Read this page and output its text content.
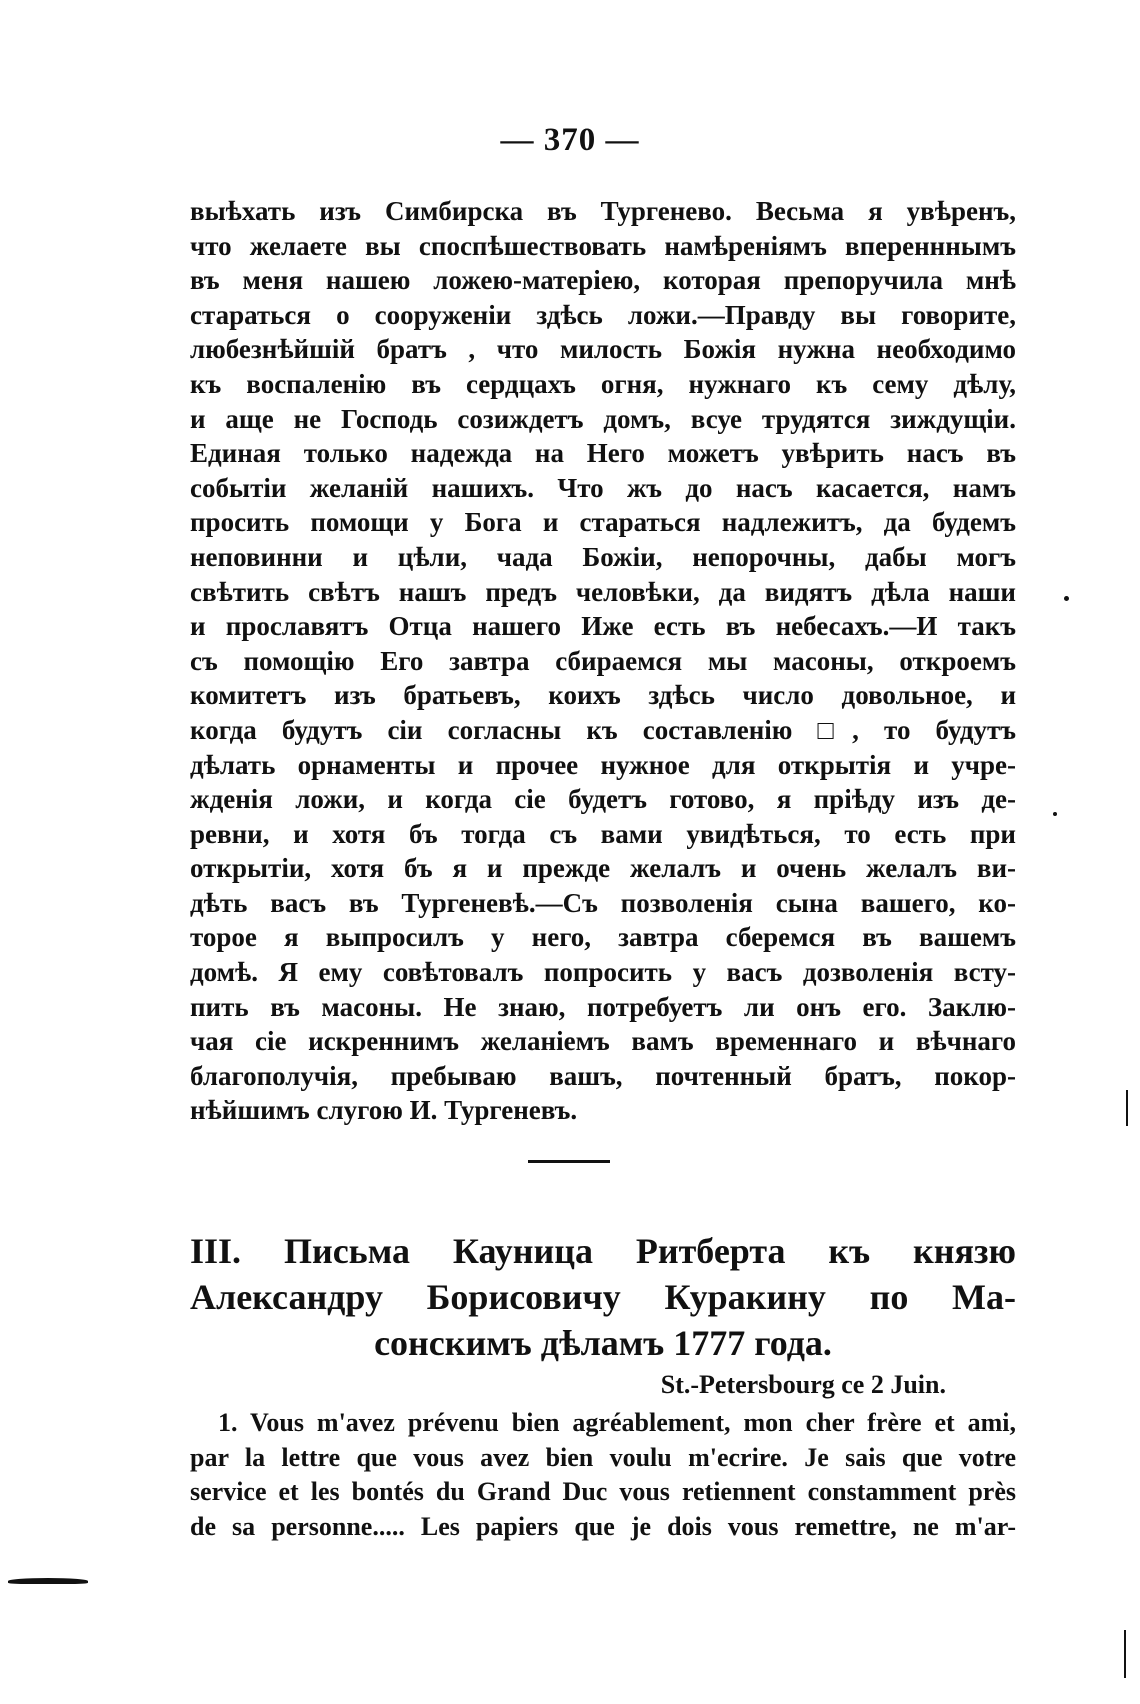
— 370 —
выѣхать изъ Симбирска въ Тургенево. Весьма я увѣренъ,
что желаете вы споспѣшествовать намѣреніямъ вперенннымъ
въ меня нашею ложею-матеріею, которая препоручила мнѣ
стараться о сооруженіи здѣсь ложи.—Правду вы говорите,
любезнѣйшій братъ , что милость Божія нужна необходимо
къ воспаленію въ сердцахъ огня, нужнаго къ сему дѣлу,
и аще не Господь созиждетъ домъ, всуе трудятся зиждущіи.
Единая только надежда на Него можетъ увѣрить насъ въ
событіи желаній нашихъ. Что жъ до насъ касается, намъ
просить помощи у Бога и стараться надлежитъ, да будемъ
неповинни и цѣли, чада Божіи, непорочны, дабы могъ
свѣтить свѣтъ нашъ предъ человѣки, да видятъ дѣла наши
и прославятъ Отца нашего Иже есть въ небесахъ.—И такъ
съ помощію Его завтра сбираемся мы масоны, откроемъ
комитетъ изъ братьевъ, коихъ здѣсь число довольное, и
когда будутъ сіи согласны къ составленію □, то будутъ
дѣлать орнаменты и прочее нужное для открытія и учре-
жденія ложи, и когда сіе будетъ готово, я пріѣду изъ де-
ревни, и хотя бъ тогда съ вами увидѣться, то есть при
открытіи, хотя бъ я и прежде желалъ и очень желалъ ви-
дѣть васъ въ Тургеневѣ.—Съ позволенія сына вашего, ко-
торое я выпросилъ у него, завтра сберемся въ вашемъ
домѣ. Я ему совѣтовалъ попросить у васъ дозволенія всту-
пить въ масоны. Не знаю, потребуетъ ли онъ его. Заклю-
чая сіе искреннимъ желаніемъ вамъ временнаго и вѣчнаго
благополучія, пребываю вашъ, почтенный братъ, покор-
нѣйшимъ слугою И. Тургеневъ.
III. Письма Кауница Ритберта къ князю
Александру Борисовичу Куракину по Ма-
сонскимъ дѣламъ 1777 года.
St.-Petersbourg ce 2 Juin.
1. Vous m'avez prévenu bien agréablement, mon cher frère et ami,
par la lettre que vous avez bien voulu m'ecrire. Je sais que votre
service et les bontés du Grand Duc vous retiennent constamment près
de sa personne..... Les papiers que je dois vous remettre, ne m'ar-
